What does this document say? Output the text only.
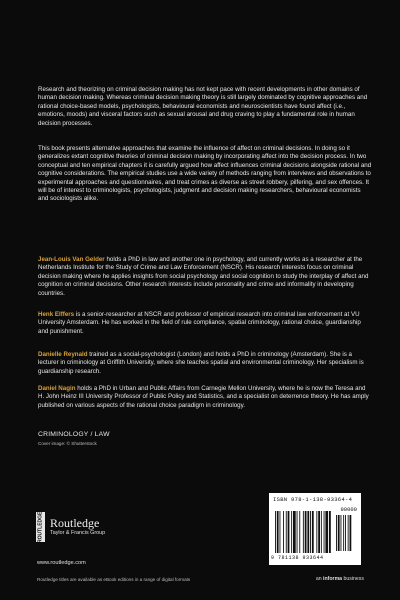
Research and theorizing on criminal decision making has not kept pace with recent developments in other domains of human decision making. Whereas criminal decision making theory is still largely dominated by cognitive approaches and rational choice-based models, psychologists, behavioural economists and neuroscientists have found affect (i.e., emotions, moods) and visceral factors such as sexual arousal and drug craving to play a fundamental role in human decision processes.

This book presents alternative approaches that examine the influence of affect on criminal decisions. In doing so it generalizes extant cognitive theories of criminal decision making by incorporating affect into the decision process. In two conceptual and ten empirical chapters it is carefully argued how affect influences criminal decisions alongside rational and cognitive considerations. The empirical studies use a wide variety of methods ranging from interviews and observations to experimental approaches and questionnaires, and treat crimes as diverse as street robbery, pilfering, and sex offences. It will be of interest to criminologists, psychologists, judgment and decision making researchers, behavioural economists and sociologists alike.

Jean-Louis Van Gelder holds a PhD in law and another one in psychology, and currently works as a researcher at the Netherlands Institute for the Study of Crime and Law Enforcement (NSCR). His research interests focus on criminal decision making where he applies insights from social psychology and social cognition to study the interplay of affect and cognition on criminal decisions. Other research interests include personality and crime and informality in developing countries.

Henk Elffers is a senior-researcher at NSCR and professor of empirical research into criminal law enforcement at VU University Amsterdam. He has worked in the field of rule compliance, spatial criminology, rational choice, guardianship and punishment.

Danielle Reynald trained as a social-psychologist (London) and holds a PhD in criminology (Amsterdam). She is a lecturer in criminology at Griffith University, where she teaches spatial and environmental criminology. Her specialism is guardianship research.

Daniel Nagin holds a PhD in Urban and Public Affairs from Carnegie Mellon University, where he is now the Teresa and H. John Heinz III University Professor of Public Policy and Statistics, and a specialist on deterrence theory. He has amply published on various aspects of the rational choice paradigm in criminology.

CRIMINOLOGY / LAW
Cover image: © Shutterstock
ROUTLEDGE Routledge
Taylor & Francis Group
www.routledge.com
Routledge titles are available as eBook editions in a range of digital formats
ISBN 978-1-138-93364-4
90000
9 781138 933644
an informa business
